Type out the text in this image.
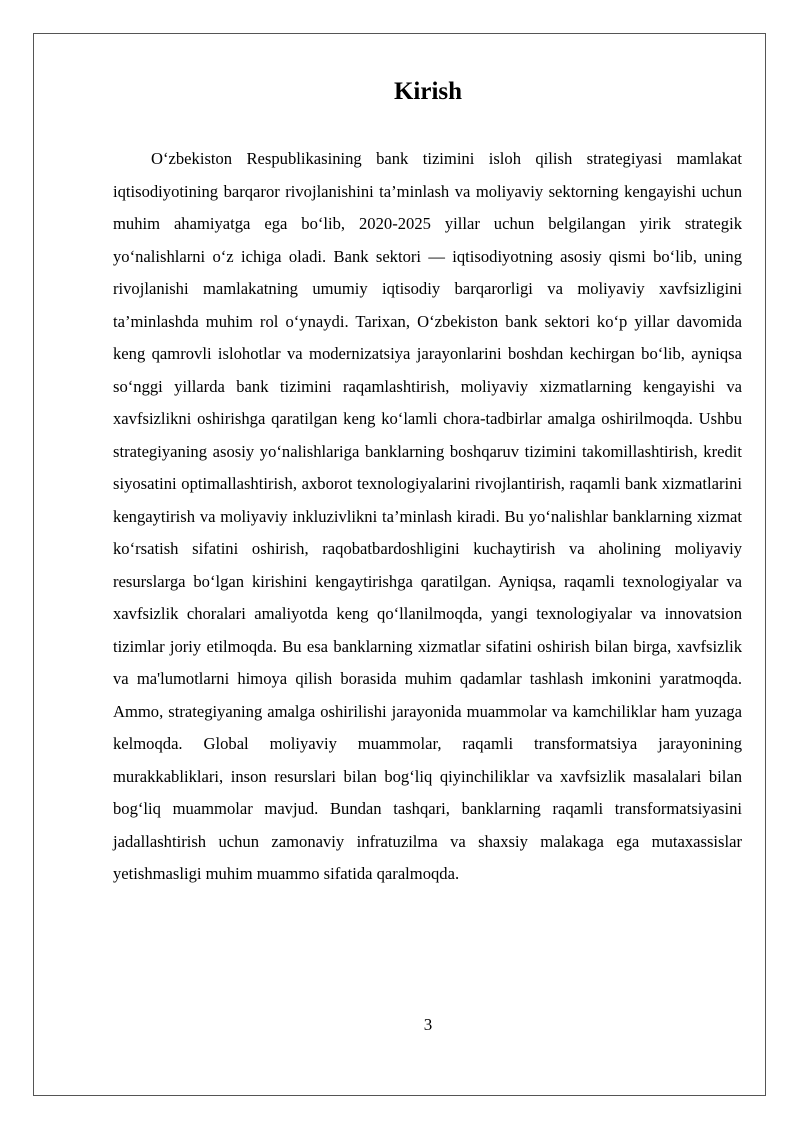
Kirish

O‘zbekiston Respublikasining bank tizimini isloh qilish strategiyasi mamlakat iqtisodiyotining barqaror rivojlanishini ta’minlash va moliyaviy sektorning kengayishi uchun muhim ahamiyatga ega bo‘lib, 2020-2025 yillar uchun belgilangan yirik strategik yo‘nalishlarni o‘z ichiga oladi. Bank sektori — iqtisodiyotning asosiy qismi bo‘lib, uning rivojlanishi mamlakatning umumiy iqtisodiy barqarorligi va moliyaviy xavfsizligini ta’minlashda muhim rol o‘ynaydi. Tarixan, O‘zbekiston bank sektori ko‘p yillar davomida keng qamrovli islohotlar va modernizatsiya jarayonlarini boshdan kechirgan bo‘lib, ayniqsa so‘nggi yillarda bank tizimini raqamlashtirish, moliyaviy xizmatlarning kengayishi va xavfsizlikni oshirishga qaratilgan keng ko‘lamli chora-tadbirlar amalga oshirilmoqda. Ushbu strategiyaning asosiy yo‘nalishlariga banklarning boshqaruv tizimini takomillashtirish, kredit siyosatini optimallashtirish, axborot texnologiyalarini rivojlantirish, raqamli bank xizmatlarini kengaytirish va moliyaviy inkluzivlikni ta’minlash kiradi. Bu yo‘nalishlar banklarning xizmat ko‘rsatish sifatini oshirish, raqobatbardoshligini kuchaytirish va aholining moliyaviy resurslarga bo‘lgan kirishini kengaytirishga qaratilgan. Ayniqsa, raqamli texnologiyalar va xavfsizlik choralari amaliyotda keng qo‘llanilmoqda, yangi texnologiyalar va innovatsion tizimlar joriy etilmoqda. Bu esa banklarning xizmatlar sifatini oshirish bilan birga, xavfsizlik va ma'lumotlarni himoya qilish borasida muhim qadamlar tashlash imkonini yaratmoqda. Ammo, strategiyaning amalga oshirilishi jarayonida muammolar va kamchiliklar ham yuzaga kelmoqda. Global moliyaviy muammolar, raqamli transformatsiya jarayonining murakkabliklari, inson resurslari bilan bog‘liq qiyinchiliklar va xavfsizlik masalalari bilan bog‘liq muammolar mavjud. Bundan tashqari, banklarning raqamli transformatsiyasini jadallashtirish uchun zamonaviy infratuzilma va shaxsiy malakaga ega mutaxassislar yetishmasligi muhim muammo sifatida qaralmoqda.

3
